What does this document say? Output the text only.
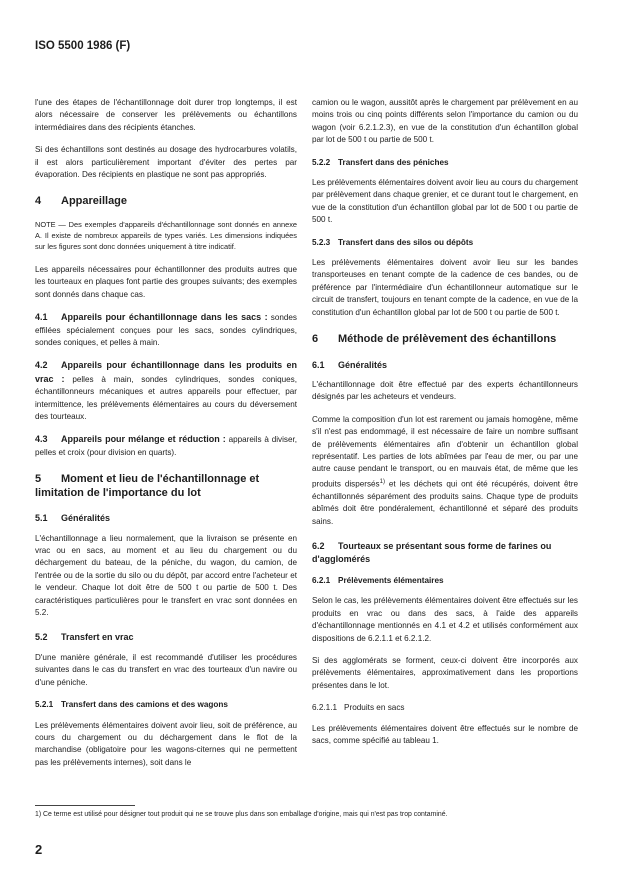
ISO 5500 1986 (F)

l'une des étapes de l'échantillonnage doit durer trop longtemps, il est alors nécessaire de conserver les prélèvements ou échantillons intermédiaires dans des récipients étanches.

Si des échantillons sont destinés au dosage des hydrocarbures volatils, il est alors particulièrement important d'éviter des pertes par évaporation. Des récipients en plastique ne sont pas appropriés.

4 Appareillage

NOTE — Des exemples d'appareils d'échantillonnage sont donnés en annexe A. Il existe de nombreux appareils de types variés. Les dimensions indiquées sur les figures sont donc données uniquement à titre indicatif.

Les appareils nécessaires pour échantillonner des produits autres que les tourteaux en plaques font partie des groupes suivants; des exemples sont donnés dans chaque cas.

4.1 Appareils pour échantillonnage dans les sacs : sondes effilées spécialement conçues pour les sacs, sondes cylindriques, sondes coniques, et pelles à main.

4.2 Appareils pour échantillonnage dans les produits en vrac : pelles à main, sondes cylindriques, sondes coniques, échantillonneurs mécaniques et autres appareils pour effectuer, par intermittence, les prélèvements élémentaires au cours du déversement des tourteaux.

4.3 Appareils pour mélange et réduction : appareils à diviser, pelles et croix (pour division en quarts).

5 Moment et lieu de l'échantillonnage et limitation de l'importance du lot
5.1 Généralités

L'échantillonnage a lieu normalement, que la livraison se présente en vrac ou en sacs, au moment et au lieu du chargement ou du déchargement du bateau, de la péniche, du wagon, du camion, de l'entrée ou de la sortie du silo ou du dépôt, par accord entre l'acheteur et le vendeur. Chaque lot doit être de 500 t ou partie de 500 t. Des caractéristiques particulières pour le transfert en vrac sont données en 5.2.

5.2 Transfert en vrac

D'une manière générale, il est recommandé d'utiliser les procédures suivantes dans le cas du transfert en vrac des tourteaux d'un navire ou d'une péniche.

5.2.1 Transfert dans des camions et des wagons

Les prélèvements élémentaires doivent avoir lieu, soit de préférence, au cours du chargement ou du déchargement dans le flot de la marchandise (obligatoire pour les wagons-citernes qui ne permettent pas les prélèvements internes), soit dans le

camion ou le wagon, aussitôt après le chargement par prélèvement en au moins trois ou cinq points différents selon l'importance du camion ou du wagon (voir 6.2.1.2.3), en vue de la constitution d'un échantillon global par lot de 500 t ou partie de 500 t.

5.2.2 Transfert dans des péniches

Les prélèvements élémentaires doivent avoir lieu au cours du chargement par prélèvement dans chaque grenier, et ce durant tout le chargement, en vue de la constitution d'un échantillon global par lot de 500 t ou partie de 500 t.

5.2.3 Transfert dans des silos ou dépôts

Les prélèvements élémentaires doivent avoir lieu sur les bandes transporteuses en tenant compte de la cadence de ces bandes, ou de préférence par l'intermédiaire d'un échantillonneur automatique sur le circuit de transfert, toujours en tenant compte de la cadence, en vue de la constitution d'un échantillon global par lot de 500 t ou partie de 500 t.

6 Méthode de prélèvement des échantillons
6.1 Généralités

L'échantillonnage doit être effectué par des experts échantillonneurs désignés par les acheteurs et vendeurs.

Comme la composition d'un lot est rarement ou jamais homogène, même s'il n'est pas endommagé, il est nécessaire de faire un nombre suffisant de prélèvements élémentaires afin d'obtenir un échantillon global représentatif. Les parties de lots abîmées par l'eau de mer, ou par une autre cause pendant le transport, ou en mauvais état, de même que les produits dispersés$^{1)}$ et les déchets qui ont été récupérés, doivent être échantillonnés séparément des produits sains. Chaque type de produits abîmés doit être pondéralement, échantillonné et séparé des produits sains.

6.2 Tourteaux se présentant sous forme de farines ou d'agglomérés
6.2.1 Prélèvements élémentaires

Selon le cas, les prélèvements élémentaires doivent être effectués sur les produits en vrac ou dans des sacs, à l'aide des appareils d'échantillonnage mentionnés en 4.1 et 4.2 et utilisés conformément aux dispositions de 6.2.1.1 et 6.2.1.2.

Si des agglomérats se forment, ceux-ci doivent être incorporés aux prélèvements élémentaires, approximativement dans les proportions présentes dans le lot.

6.2.1.1 Produits en sacs

Les prélèvements élémentaires doivent être effectués sur le nombre de sacs, comme spécifié au tableau 1.

1) Ce terme est utilisé pour désigner tout produit qui ne se trouve plus dans son emballage d'origine, mais qui n'est pas trop contaminé.
2
